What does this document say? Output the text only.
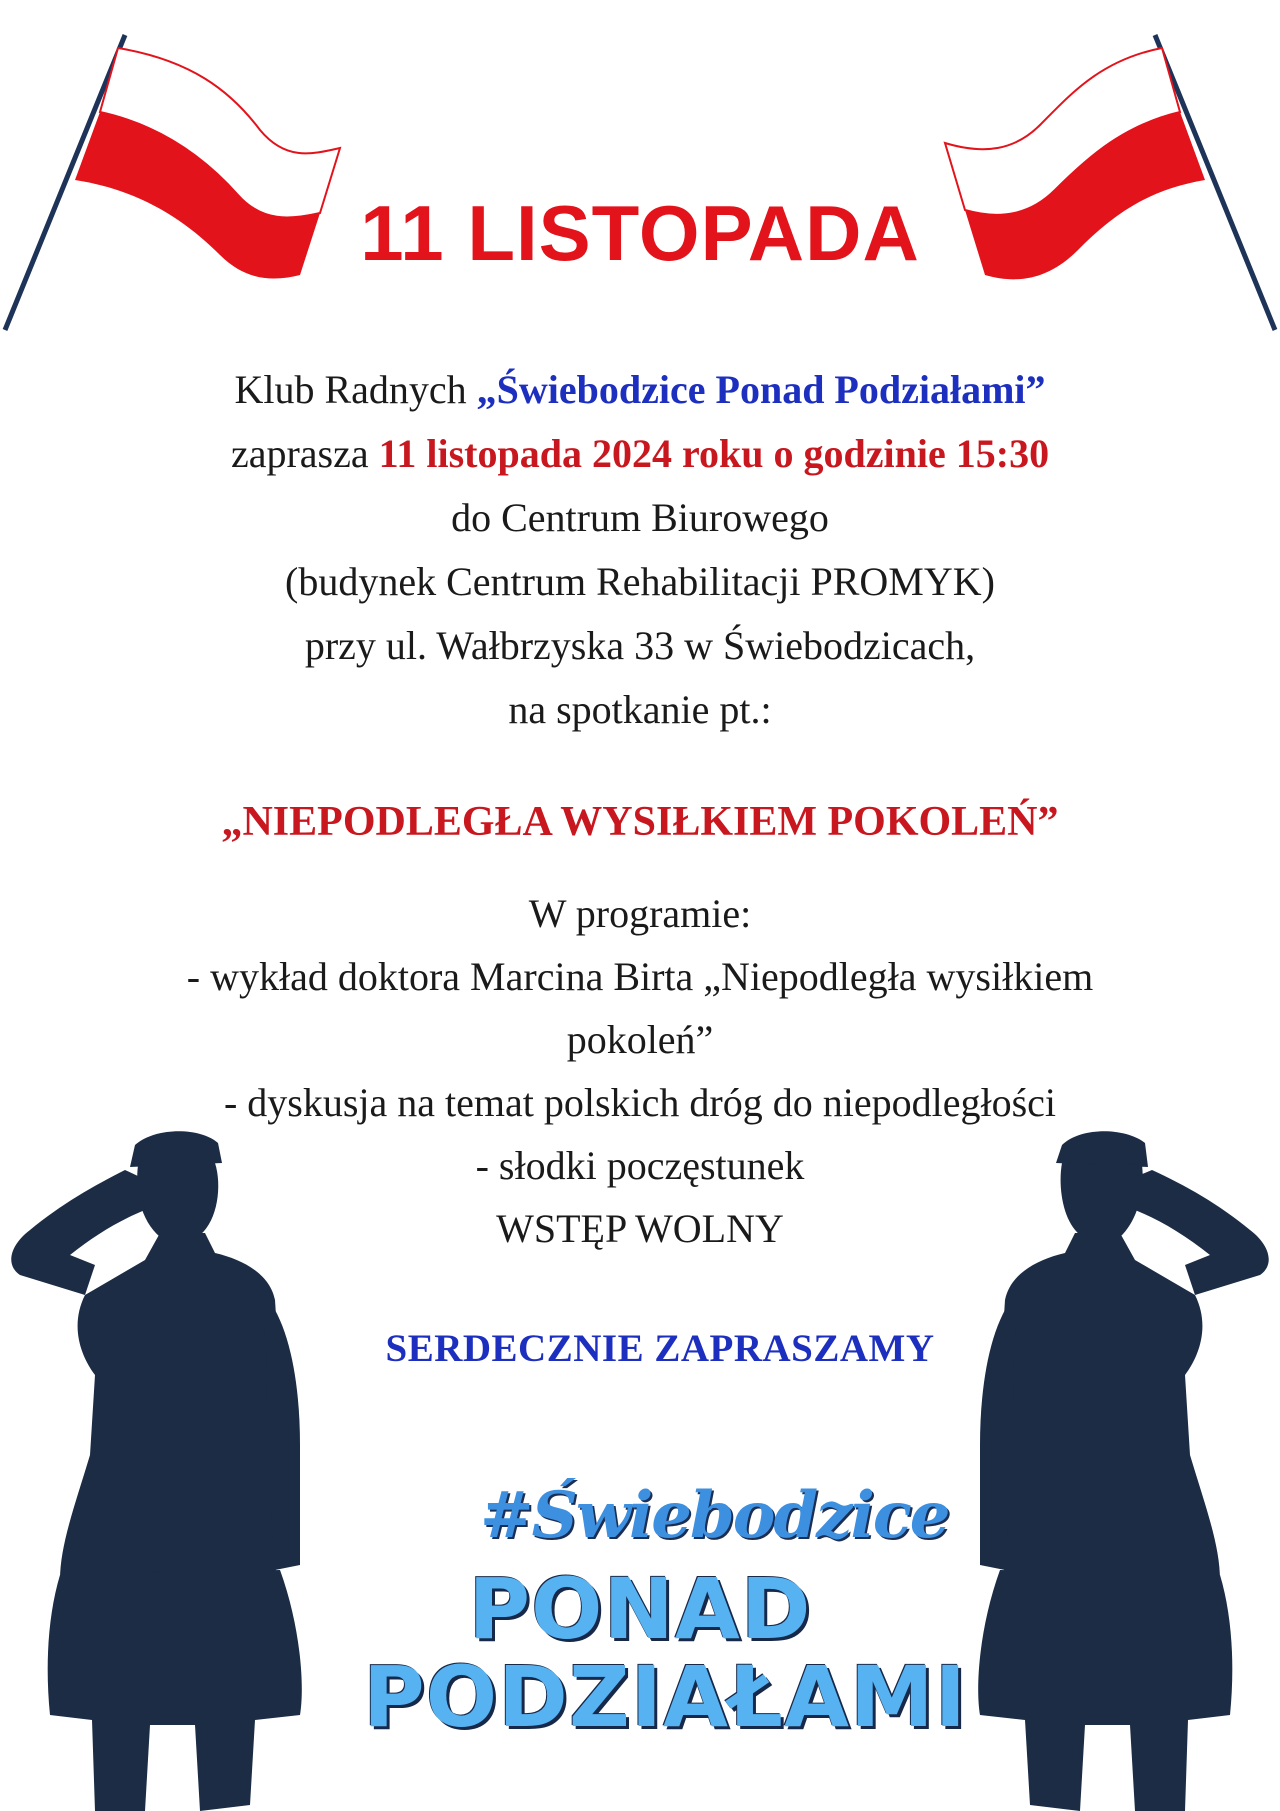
11 LISTOPADA
Klub Radnych „Świebodzice Ponad Podziałami”
zaprasza 11 listopada 2024 roku o godzinie 15:30
do Centrum Biurowego
(budynek Centrum Rehabilitacji PROMYK)
przy ul. Wałbrzyska 33 w Świebodzicach,
na spotkanie pt.:
„NIEPODLEGŁA WYSIŁKIEM POKOLEŃ”
W programie:
- wykład doktora Marcina Birta „Niepodległa wysiłkiem
pokoleń”
- dyskusja na temat polskich dróg do niepodległości
- słodki poczęstunek
WSTĘP WOLNY
SERDECZNIE ZAPRASZAMY
#Świebodzice
PONAD
PODZIAŁAMI
